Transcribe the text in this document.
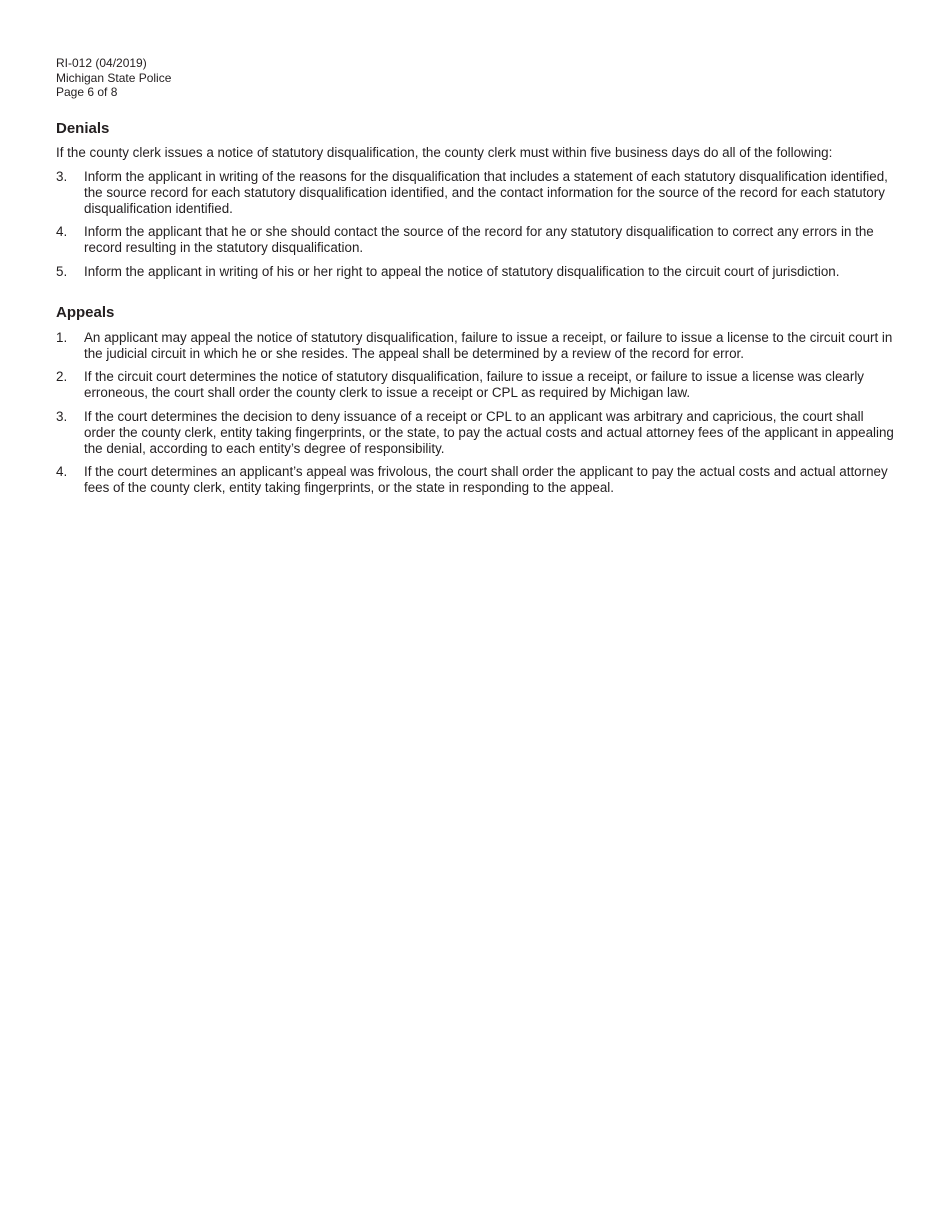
RI-012 (04/2019)

Michigan State Police

Page 6 of 8

Denials

If the county clerk issues a notice of statutory disqualification, the county clerk must within five business days do all of the following:

3.	Inform the applicant in writing of the reasons for the disqualification that includes a statement of each statutory disqualification identified, the source record for each statutory disqualification identified, and the contact information for the source of the record for each statutory disqualification identified.
4.	Inform the applicant that he or she should contact the source of the record for any statutory disqualification to correct any errors in the record resulting in the statutory disqualification.
5.	Inform the applicant in writing of his or her right to appeal the notice of statutory disqualification to the circuit court of jurisdiction.
Appeals
1.	An applicant may appeal the notice of statutory disqualification, failure to issue a receipt, or failure to issue a license to the circuit court in the judicial circuit in which he or she resides. The appeal shall be determined by a review of the record for error.
2.	If the circuit court determines the notice of statutory disqualification, failure to issue a receipt, or failure to issue a license was clearly erroneous, the court shall order the county clerk to issue a receipt or CPL as required by Michigan law.
3.	If the court determines the decision to deny issuance of a receipt or CPL to an applicant was arbitrary and capricious, the court shall order the county clerk, entity taking fingerprints, or the state, to pay the actual costs and actual attorney fees of the applicant in appealing the denial, according to each entity’s degree of responsibility.
4.	If the court determines an applicant’s appeal was frivolous, the court shall order the applicant to pay the actual costs and actual attorney fees of the county clerk, entity taking fingerprints, or the state in responding to the appeal.
